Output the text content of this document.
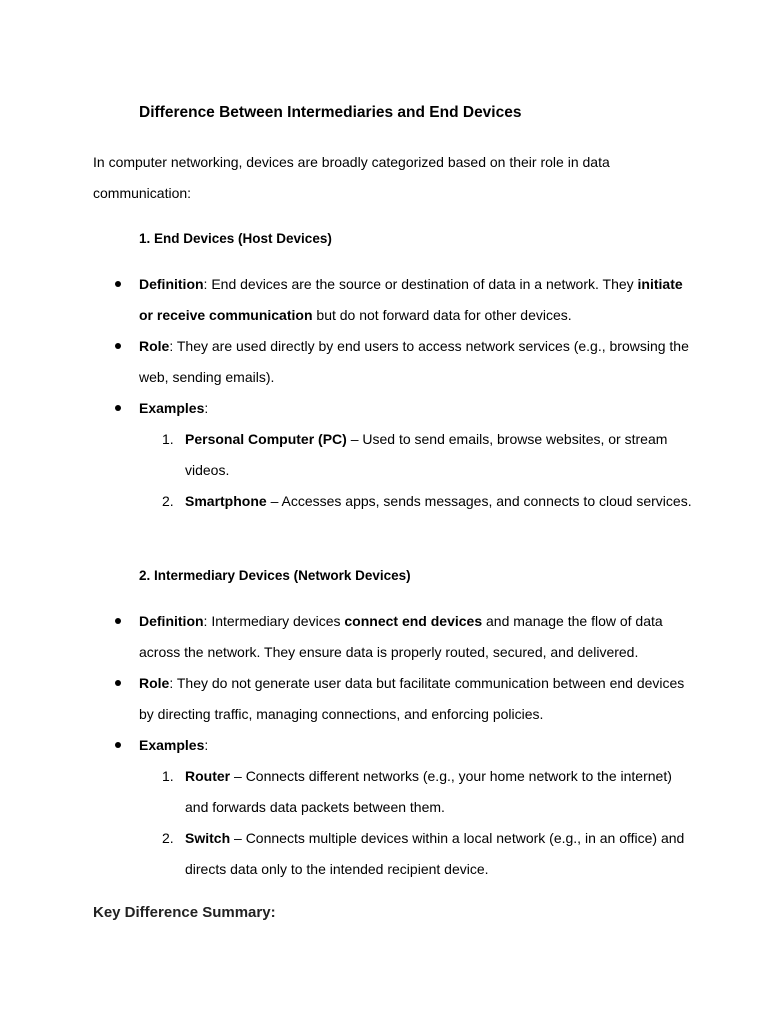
Difference Between Intermediaries and End Devices
In computer networking, devices are broadly categorized based on their role in data communication:
1. End Devices (Host Devices)
Definition: End devices are the source or destination of data in a network. They initiate or receive communication but do not forward data for other devices.
Role: They are used directly by end users to access network services (e.g., browsing the web, sending emails).
Examples:
1. Personal Computer (PC) – Used to send emails, browse websites, or stream videos.
2. Smartphone – Accesses apps, sends messages, and connects to cloud services.
2. Intermediary Devices (Network Devices)
Definition: Intermediary devices connect end devices and manage the flow of data across the network. They ensure data is properly routed, secured, and delivered.
Role: They do not generate user data but facilitate communication between end devices by directing traffic, managing connections, and enforcing policies.
Examples:
1. Router – Connects different networks (e.g., your home network to the internet) and forwards data packets between them.
2. Switch – Connects multiple devices within a local network (e.g., in an office) and directs data only to the intended recipient device.
Key Difference Summary:
